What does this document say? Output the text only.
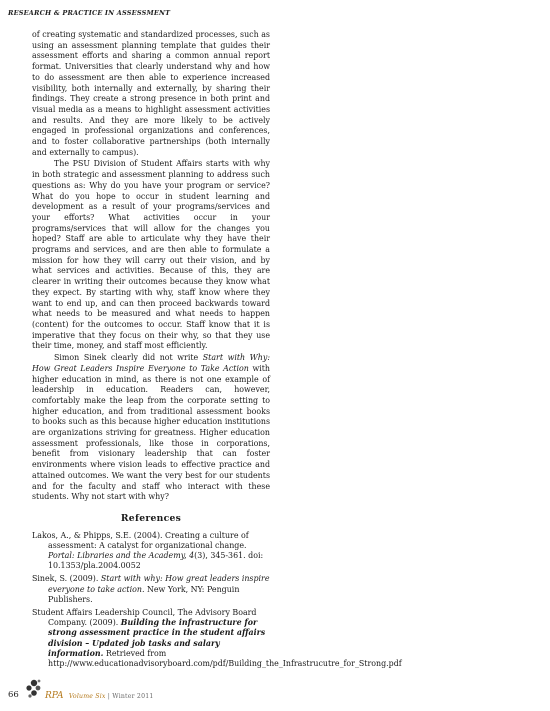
RESEARCH & PRACTICE IN ASSESSMENT

of creating systematic and standardized processes, such as using an assessment planning template that guides their assessment efforts and sharing a common annual report format. Universities that clearly understand why and how to do assessment are then able to experience increased visibility, both internally and externally, by sharing their findings. They create a strong presence in both print and visual media as a means to highlight assessment activities and results. And they are more likely to be actively engaged in professional organizations and conferences, and to foster collaborative partnerships (both internally and externally to campus).

The PSU Division of Student Affairs starts with why in both strategic and assessment planning to address such questions as: Why do you have your program or service? What do you hope to occur in student learning and development as a result of your programs/services and your efforts? What activities occur in your programs/services that will allow for the changes you hoped? Staff are able to articulate why they have their programs and services, and are then able to formulate a mission for how they will carry out their vision, and by what services and activities. Because of this, they are clearer in writing their outcomes because they know what they expect. By starting with why, staff know where they want to end up, and can then proceed backwards toward what needs to be measured and what needs to happen (content) for the outcomes to occur. Staff know that it is imperative that they focus on their why, so that they use their time, money, and staff most efficiently.

Simon Sinek clearly did not write Start with Why: How Great Leaders Inspire Everyone to Take Action with higher education in mind, as there is not one example of leadership in education. Readers can, however, comfortably make the leap from the corporate setting to higher education, and from traditional assessment books to books such as this because higher education institutions are organizations striving for greatness. Higher education assessment professionals, like those in corporations, benefit from visionary leadership that can foster environments where vision leads to effective practice and attained outcomes. We want the very best for our students and for the faculty and staff who interact with these students. Why not start with why?

References
Lakos, A., & Phipps, S.E. (2004). Creating a culture of assessment: A catalyst for organizational change. Portal: Libraries and the Academy, 4(3), 345-361. doi: 10.1353/pla.2004.0052
Sinek, S. (2009). Start with why: How great leaders inspire everyone to take action. New York, NY: Penguin Publishers.
Student Affairs Leadership Council, The Advisory Board Company. (2009). Building the infrastructure for strong assessment practice in the student affairs division – Updated job tasks and salary information. Retrieved from http://www.educationadvisoryboard.com/pdf/Building_the_Infrastrucutre_for_Strong.pdf
66	RPA Volume Six | Winter 2011
